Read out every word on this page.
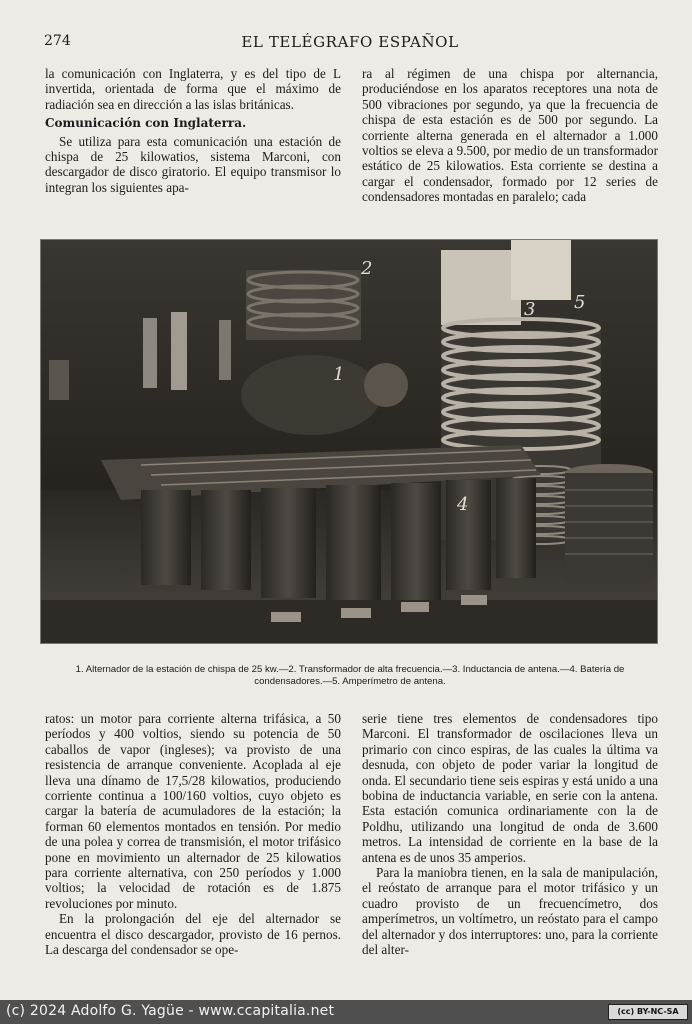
274	EL TELÉGRAFO ESPAÑOL

la comunicación con Inglaterra, y es del tipo de L invertida, orientada de forma que el máximo de radiación sea en dirección a las islas británicas.

Comunicación con Inglaterra.

Se utiliza para esta comunicación una estación de chispa de 25 kilowatios, sistema Marconi, con descargador de disco giratorio. El equipo transmisor lo integran los siguientes apa-

ra al régimen de una chispa por alternancia, produciéndose en los aparatos receptores una nota de 500 vibraciones por segundo, ya que la frecuencia de chispa de esta estación es de 500 por segundo. La corriente alterna generada en el alternador a 1.000 voltios se eleva a 9.500, por medio de un transformador estático de 25 kilowatios. Esta corriente se destina a cargar el condensador, formado por 12 series de condensadores montadas en paralelo; cada

1
2
3
4
5
1. Alternador de la estación de chispa de 25 kw.—2. Transformador de alta frecuencia.—3. Inductancia de antena.—4. Batería de condensadores.—5. Amperímetro de antena.

ratos: un motor para corriente alterna trifásica, a 50 períodos y 400 voltios, siendo su potencia de 50 caballos de vapor (ingleses); va provisto de una resistencia de arranque conveniente. Acoplada al eje lleva una dínamo de 17,5/28 kilowatios, produciendo corriente continua a 100/160 voltios, cuyo objeto es cargar la batería de acumuladores de la estación; la forman 60 elementos montados en tensión. Por medio de una polea y correa de transmisión, el motor trifásico pone en movimiento un alternador de 25 kilowatios para corriente alternativa, con 250 períodos y 1.000 voltios; la velocidad de rotación es de 1.875 revoluciones por minuto.

En la prolongación del eje del alternador se encuentra el disco descargador, provisto de 16 pernos. La descarga del condensador se ope-

serie tiene tres elementos de condensadores tipo Marconi. El transformador de oscilaciones lleva un primario con cinco espiras, de las cuales la última va desnuda, con objeto de poder variar la longitud de onda. El secundario tiene seis espiras y está unido a una bobina de inductancia variable, en serie con la antena. Esta estación comunica ordinariamente con la de Poldhu, utilizando una longitud de onda de 3.600 metros. La intensidad de corriente en la base de la antena es de unos 35 amperios.

Para la maniobra tienen, en la sala de manipulación, el reóstato de arranque para el motor trifásico y un cuadro provisto de un frecuencímetro, dos amperímetros, un voltímetro, un reóstato para el campo del alternador y dos interruptores: uno, para la corriente del alter-

(c) 2024 Adolfo G. Yagüe - www.ccapitalia.net	(cc) BY-NC-SA
